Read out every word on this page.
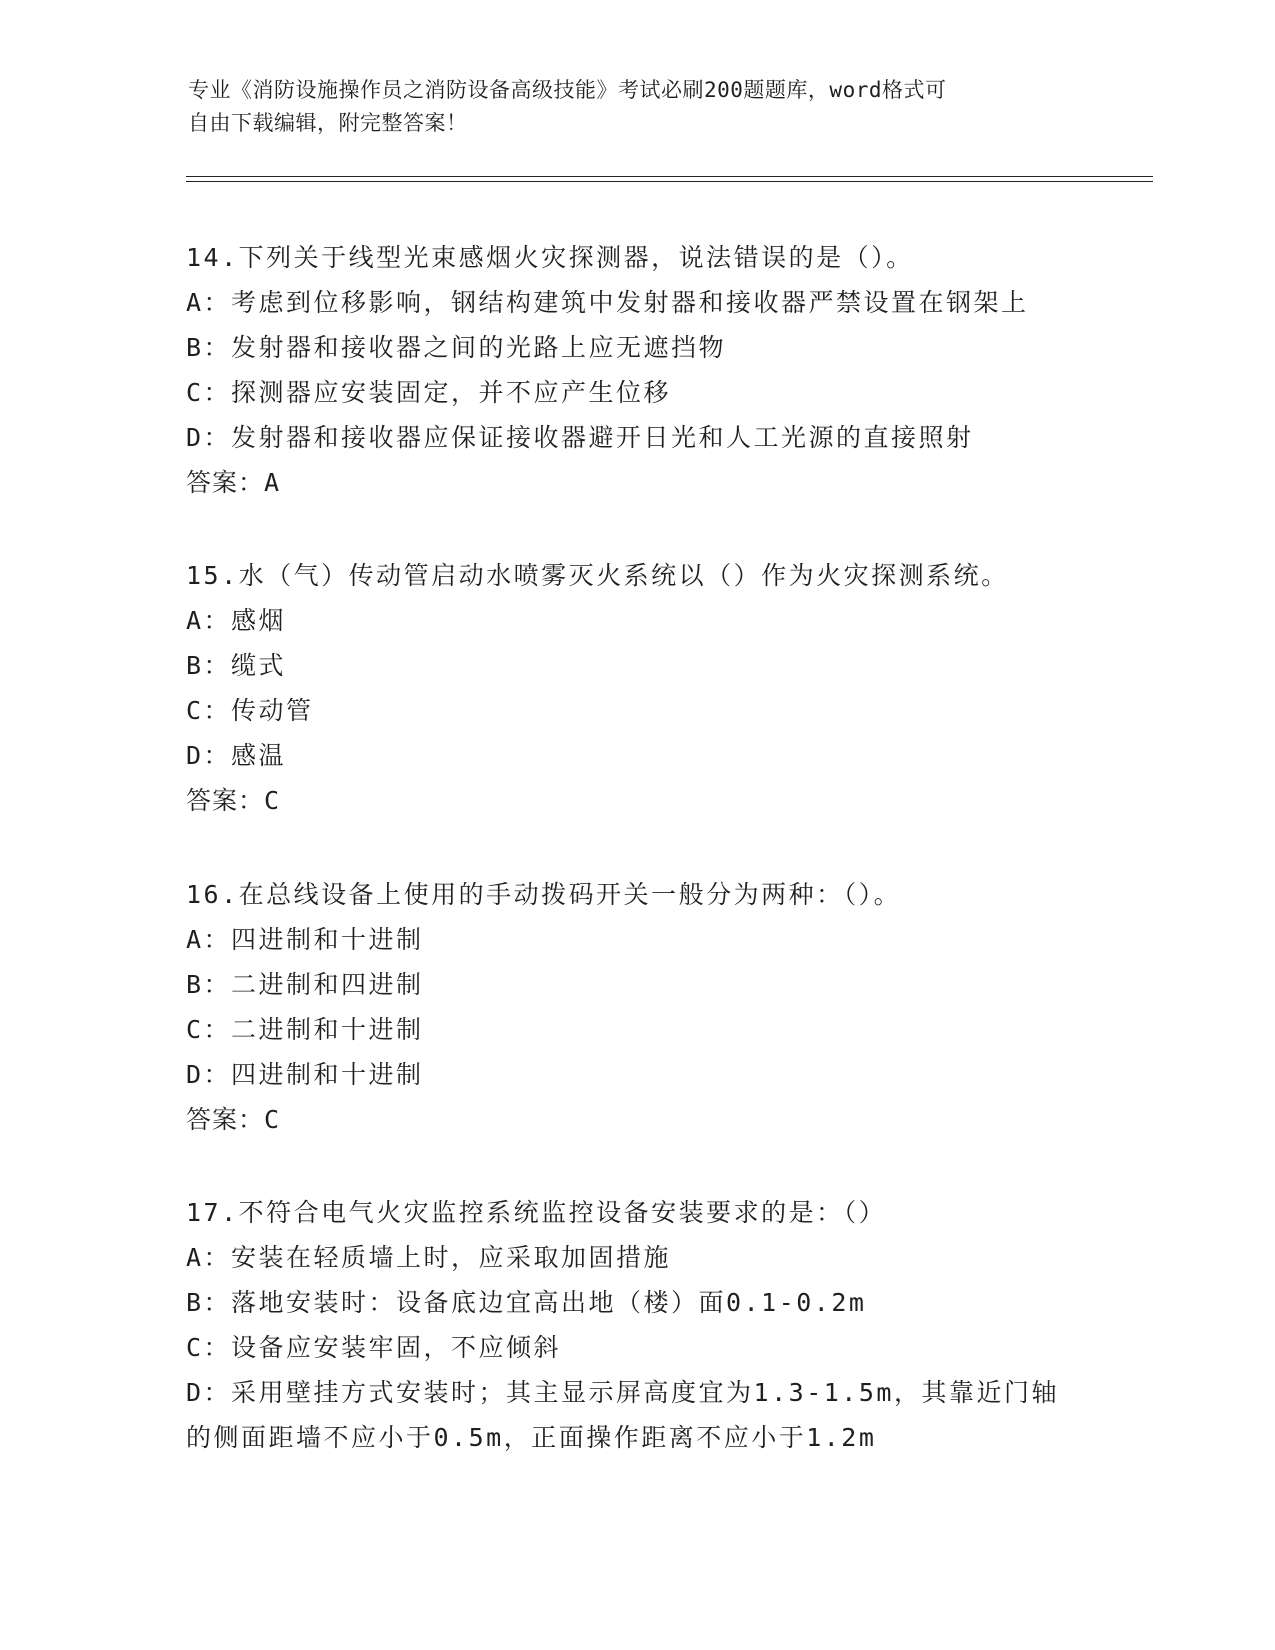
专业《消防设施操作员之消防设备高级技能》考试必刷200题题库，word格式可
自由下载编辑，附完整答案！
14.下列关于线型光束感烟火灾探测器，说法错误的是（）。
A：考虑到位移影响，钢结构建筑中发射器和接收器严禁设置在钢架上
B：发射器和接收器之间的光路上应无遮挡物
C：探测器应安装固定，并不应产生位移
D：发射器和接收器应保证接收器避开日光和人工光源的直接照射
答案：A
15.水（气）传动管启动水喷雾灭火系统以（）作为火灾探测系统。
A：感烟
B：缆式
C：传动管
D：感温
答案：C
16.在总线设备上使用的手动拨码开关一般分为两种：（）。
A：四进制和十进制
B：二进制和四进制
C：二进制和十进制
D：四进制和十进制
答案：C
17.不符合电气火灾监控系统监控设备安装要求的是：（）
A：安装在轻质墙上时，应采取加固措施
B：落地安装时：设备底边宜高出地（楼）面0.1-0.2m
C：设备应安装牢固，不应倾斜
D：采用壁挂方式安装时；其主显示屏高度宜为1.3-1.5m，其靠近门轴
的侧面距墙不应小于0.5m，正面操作距离不应小于1.2m
